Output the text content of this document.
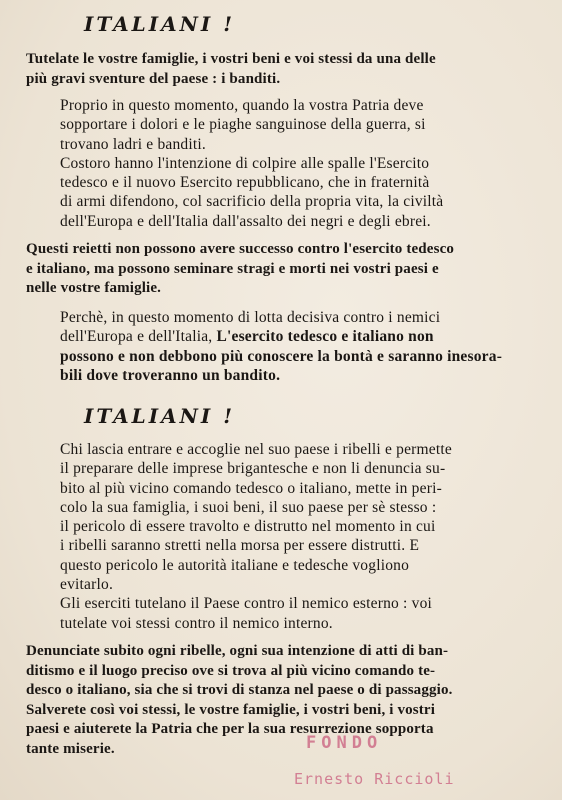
ITALIANI !
Tutelate le vostre famiglie, i vostri beni e voi stessi da una delle
più gravi sventure del paese : i banditi.
Proprio in questo momento, quando la vostra Patria deve
sopportare i dolori e le piaghe sanguinose della guerra, si
trovano ladri e banditi.
Costoro hanno l'intenzione di colpire alle spalle l'Esercito
tedesco e il nuovo Esercito repubblicano, che in fraternità
di armi difendono, col sacrificio della propria vita, la civiltà
dell'Europa e dell'Italia dall'assalto dei negri e degli ebrei.
Questi reietti non possono avere successo contro l'esercito tedesco
e italiano, ma possono seminare stragi e morti nei vostri paesi e
nelle vostre famiglie.
Perchè, in questo momento di lotta decisiva contro i nemici
dell'Europa e dell'Italia, L'esercito tedesco e italiano non
possono e non debbono più conoscere la bontà e saranno inesora-
bili dove troveranno un bandito.
ITALIANI !
Chi lascia entrare e accoglie nel suo paese i ribelli e permette
il preparare delle imprese brigantesche e non li denuncia su-
bito al più vicino comando tedesco o italiano, mette in peri-
colo la sua famiglia, i suoi beni, il suo paese per sè stesso :
il pericolo di essere travolto e distrutto nel momento in cui
i ribelli saranno stretti nella morsa per essere distrutti. E
questo pericolo le autorità italiane e tedesche vogliono
evitarlo.
Gli eserciti tutelano il Paese contro il nemico esterno : voi
tutelate voi stessi contro il nemico interno.
Denunciate subito ogni ribelle, ogni sua intenzione di atti di ban-
ditismo e il luogo preciso ove si trova al più vicino comando te-
desco o italiano, sia che si trovi di stanza nel paese o di passaggio.
Salverete così voi stessi, le vostre famiglie, i vostri beni, i vostri
paesi e aiuterete la Patria che per la sua resurrezione sopporta
tante miserie.	FONDO
Ernesto Riccioli
